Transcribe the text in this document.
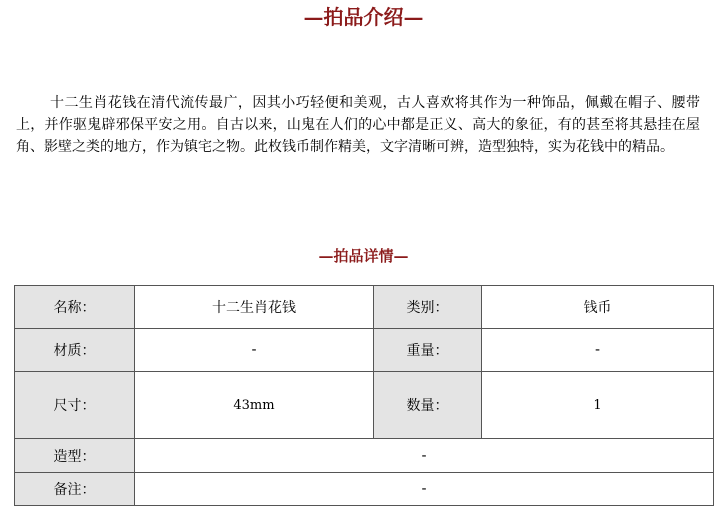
—拍品介绍—

十二生肖花钱在清代流传最广，因其小巧轻便和美观，古人喜欢将其作为一种饰品，佩戴在帽子、腰带上，并作驱鬼辟邪保平安之用。自古以来，山鬼在人们的心中都是正义、高大的象征，有的甚至将其悬挂在屋角、影壁之类的地方，作为镇宅之物。此枚钱币制作精美，文字清晰可辨，造型独特，实为花钱中的精品。

—拍品详情—
名称：	十二生肖花钱	类别：	钱币
材质：	-	重量：	-
尺寸：	43mm	数量：	1
造型：	-		
备注：	-		
